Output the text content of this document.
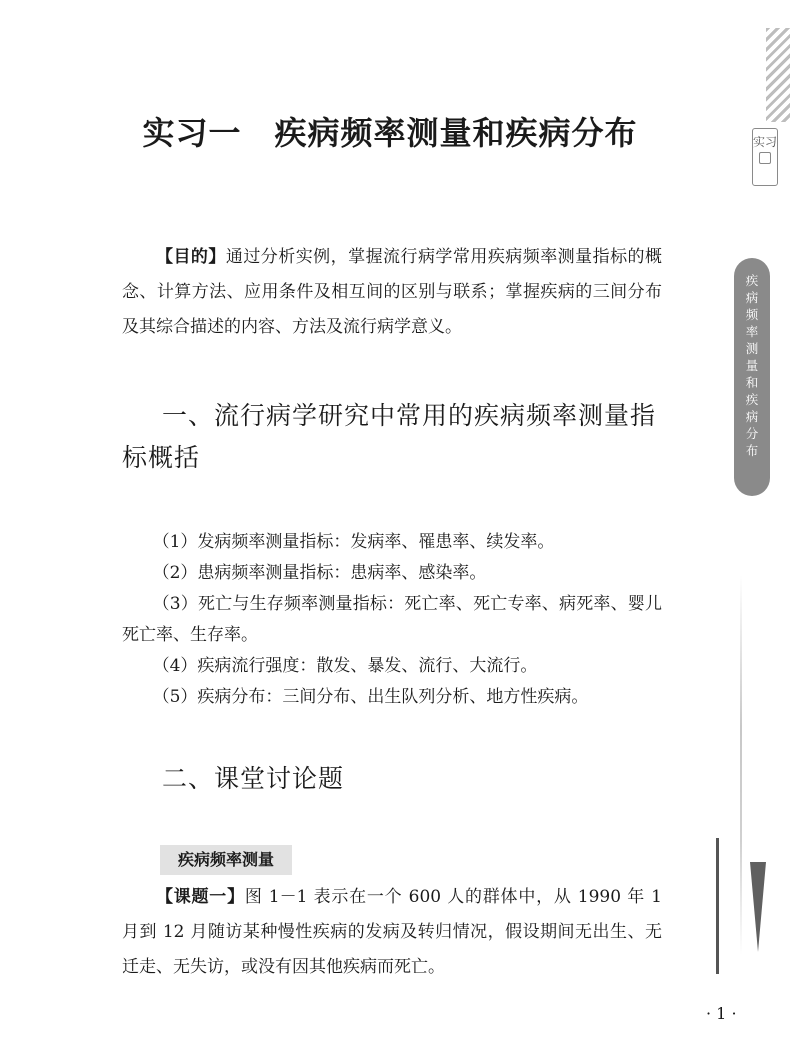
实习
疾
病
频
率
测
量
和
疾
病
分
布
实习一　疾病频率测量和疾病分布
【目的】通过分析实例，掌握流行病学常用疾病频率测量指标的概念、计算方法、应用条件及相互间的区别与联系；掌握疾病的三间分布及其综合描述的内容、方法及流行病学意义。
一、流行病学研究中常用的疾病频率测量指标概括
（1）发病频率测量指标：发病率、罹患率、续发率。
（2）患病频率测量指标：患病率、感染率。
（3）死亡与生存频率测量指标：死亡率、死亡专率、病死率、婴儿死亡率、生存率。
（4）疾病流行强度：散发、暴发、流行、大流行。
（5）疾病分布：三间分布、出生队列分析、地方性疾病。
二、课堂讨论题
疾病频率测量
【课题一】图 1－1 表示在一个 600 人的群体中，从 1990 年 1 月到 12 月随访某种慢性疾病的发病及转归情况，假设期间无出生、无迁走、无失访，或没有因其他疾病而死亡。
· 1 ·
